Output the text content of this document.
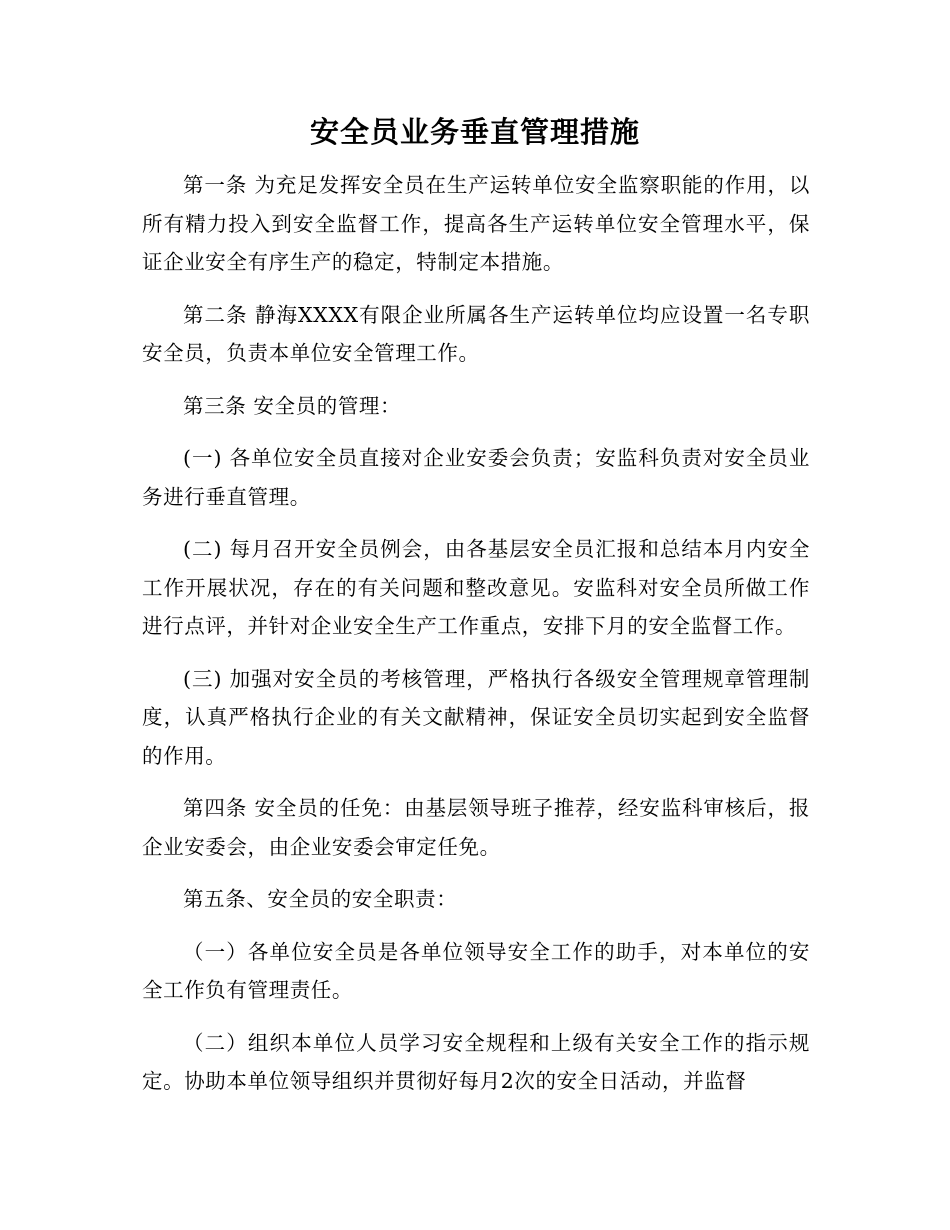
安全员业务垂直管理措施

第一条 为充足发挥安全员在生产运转单位安全监察职能的作用，以所有精力投入到安全监督工作，提高各生产运转单位安全管理水平，保证企业安全有序生产的稳定，特制定本措施。

第二条 静海XXXX有限企业所属各生产运转单位均应设置一名专职安全员，负责本单位安全管理工作。

第三条 安全员的管理：

(一) 各单位安全员直接对企业安委会负责；安监科负责对安全员业务进行垂直管理。

(二) 每月召开安全员例会，由各基层安全员汇报和总结本月内安全工作开展状况，存在的有关问题和整改意见。安监科对安全员所做工作进行点评，并针对企业安全生产工作重点，安排下月的安全监督工作。

(三) 加强对安全员的考核管理，严格执行各级安全管理规章管理制度，认真严格执行企业的有关文献精神，保证安全员切实起到安全监督的作用。

第四条 安全员的任免：由基层领导班子推荐，经安监科审核后，报企业安委会，由企业安委会审定任免。

第五条、安全员的安全职责：

（一）各单位安全员是各单位领导安全工作的助手，对本单位的安全工作负有管理责任。

（二）组织本单位人员学习安全规程和上级有关安全工作的指示规定。协助本单位领导组织并贯彻好每月2次的安全日活动，并监督
